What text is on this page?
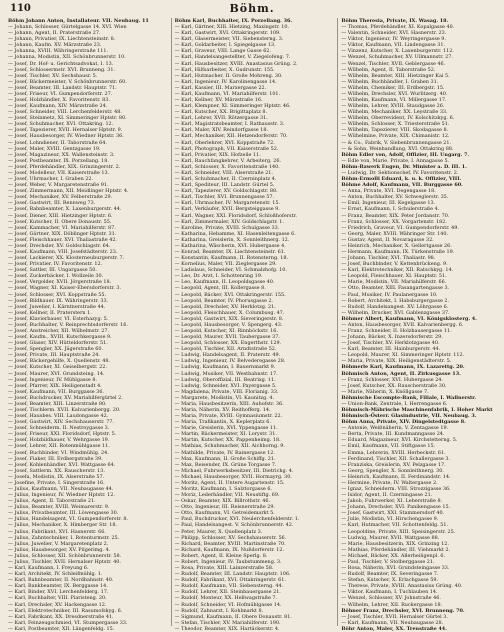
110	Böhm.
Böhm Johann Anton, Installateur. VII. Neubaug. 11
— Johann, Schlosser, Gürtelgasse 14. XVI. Wien
— Johann, Agent, II. Praterstraße 27.
— Johann, Privatier, IX. Liechtensteinstr. 8.
— Johann, Kaufm. XV. Märzstraße 23.
— Johanna, XVIII. Währingerstraße 111.
— Johanna, Modistin, XII. Schönbrunnerstr. 10.
— Josef, Dr. Hof- u. Gerichtsadvokat, I. 13.
— Josef, Schlossermstr. XVI. Brunneng. 31.
— Josef, Tischler, XV. Sechshausr. 5.
— Josef, Bäckermeister, V. Schönbrunnerstr. 60.
— Josef, Beamter, III. Landstr. Hauptstr. 71.
— Josef, Friseur, VI. Gumpendorferstr. 27.
— Josef, Holzhändler, X. Favoritenstr. 83.
— Josef, Kaufmann, XIV. Märzstraße 24.
— Josef, Schneider, VIII. Lerchenfelderstr. 48.
— Josef, Steinmetz, XI. Simmeringer Hptstr. 80.
— Josef, Schuhmacher, XVI. Ottakring. 12.
— Josef, Tapezierer, XVII. Hernalser Hptstr. 9.
— Josef, Hausbesorger, IV. Wiedner Hptstr. 36.
— Josef, Lohndiener, II. Taborstraße 64.
— Josef, Maler, XVIII. Gentzgasse 19.
— Josef, Magazineur, XX. Wallensteinstr. 3.
— Josef, Postbeamter, IX. Porzellang. 18.
— Josef, Pferdehändler, XIX. Grinzingerstr. 2.
— Josef, Modelleur, VII. Kaiserstraße 13.
— Josef, Uhrmacher, I. Graben 22.
— Josef, Weber, V. Margaretenstraße 91.
— Josef, Zimmermann, XII. Meidlinger Hptstr. 4.
— Josef, Mechaniker, XV. Felberstraße 29.
— Josef, Gastwirt, III. Rennweg 73.
— Josef, Bahnbeamter, X. Laxenburgerstr. 44.
— Josef, Diener, XIII. Hietzinger Hptstr. 6.
— Josef, Kutscher, II. Obere Donaustr. 55.
— Josef, Kammacher, VI. Mariahilferstr. 87.
— Josef, Gärtner, XIX. Döblinger Hptstr. 31.
— Josef, Fleischhauer, XVI. Thaliastraße 42.
— Josef, Drechsler, XV. Goldschlagstr. 64.
— Josef, Kaufmann, VIII. Josefstädterstr. 23.
— Josef, Lackierer, XX. Klosterneuburgerstr. 7.
— Josef, Privatier, IV. Favoritenstr. 12.
— Josef, Sattler, III. Ungargasse 50.
— Josef, Zuckerbäcker, I. Wollzeile 30.
— Josef, Vergolder, XVII. Jörgerstraße 18.
— Josef, Wagner, XI. Kaiser-Ebersdorferstr. 3.
— Josef, Schlosser, XVI. Koppstraße 55.
— Josef, Bildhauer, IX. Währingerstr. 33.
— Josef, Juwelier, I. Kärntnerstraße 44.
— Josef, Kellner, II. Praterstern 1.
— Josef, Klavierbauer, VI. Esterhazyg. 5.
— Josef, Buchhalter, V. Reinprechtsdorferstr. 16.
— Josef, Anstreicher, XII. Wilhelmstr. 27.
— Josef, Kaufm., XVIII. Kutschkergasse 9.
— Josef, Glaser, XIV. Hütteldorferstr. 51.
— Josef, Spengler, XX. Jägerstraße 60.
— Josef, Private, III. Hauptstraße 24.
— Josef, Bäckergehilfe, X. Quellenstr. 48.
— Josef, Kutscher, XI. Geiselbergstr. 22.
— Josef, Maurer, XVI. Grundsteing. 14.
— Josef, Ingenieur, IV. Mühlgasse 8.
— Josef, Pfarrer, XIX. Heiligenstadt 4.
— Josef, Kaufmann, VII. Burggasse 36.
— Josef, Buchdrucker, XV. Mariahilfergürtel 2.
— Josef, Beamter, XIII. Linzerstraße 80.
— Josef, Tischlerm. XVII. Kalvarienbergg. 20.
— Josef, Hausbes. VIII. Laudongasse 42.
— Josef, Gastwirt, XIV. Sechshauserstr. 77.
— Josef, Schneiderm. II. Nestroygasse 3.
— Josef, Friseur, XXI. Floridsdorf, Hptstr. 5.
— Josef, Holzbildhauer, V. Wehrgasse 19.
— Josef, Lehrer, XII. Rotenmühlgasse 11.
— Josef, Buchbinder, VI. Windmühlg. 24.
— Josef, Fiaker, III. Erdbergstraße 39.
— Josef, Kohlenhändler, XVI. Wattgasse 64.
— Josef, Sattlerm. XX. Rauscherstr. 13.
— Josefa, Modistin, IX. Alserstraße 57.
— Josefine, Private, I. Singerstraße 16.
— Julius, Kaufmann, VII. Neubaugasse 44.
— Julius, Ingenieur, IV. Wiedner Hptstr. 12.
— Julius, Agent, II. Taborstraße 21.
— Julius, Beamter, XVIII. Weimarerstr. 9.
— Julius, Privatbeamter, III. Löwengasse 30.
— Julius, Handelsagent, VI. Gumpendorferstr. 8.
— Julius, Mechaniker, X. Himberger Str. 18.
— Julius, Fabrikant, XVI. Hasnerstr. 66.
— Julius, Zahntechniker, I. Rotenturmstr. 25.
— Julius, Juwelier, V. Margaretenplatz 2.
— Julius, Hausbesorger, XV. Pilgerimg. 4.
— Julius, Schlosser, XII. Schönbrunnerstr. 58.
— Julius, Tischler, XVII. Hernalser Hptstr. 40.
— Karl, Kaufmann, I. Freyung 6.
— Karl, Architekt, IV. Schleifmühlg. 1.
— Karl, Bahnbeamter, II. Nordbahnstr. 40.
— Karl, Bankbeamter, IX. Berggasse 14.
— Karl, Binder, XVI. Lerchenfelderg. 17.
— Karl, Buchhalter, VIII. Piaristeng. 20.
— Karl, Drechsler, XV. Hackengasse 12.
— Karl, Elektrotechniker, III. Rasumofskyg. 6.
— Karl, Fabrikant, XX. Dresdnerstraße 41.
— Karl, Feinzeugschmied, VI. Stumpergasse 33.
— Karl, Postbeamter, XII. Längenfeldg. 15.
Böhm Karl, Buchhalter, IX. Porzellang. 36.
— Karl, Gärtner, XIII. Hietzing, Maxingstr. 10.
— Karl, Gastwirt, XVI. Ottakringerstr. 109.
— Karl, Glasermeister, VII. Siebensterng. 3.
— Karl, Goldarbeiter, I. Spiegelgasse 13.
— Karl, Graveur, VIII. Lange Gasse 62.
— Karl, Handelsangestellter, V. Ziegelofeng. 7.
— Karl, Hausbesitzer, XVIII. Anastasius Grüng. 2.
— Karl, Hilfsarbeiter, X. Gudrunstr. 155.
— Karl, Hutmacher, II. Große Mohreng. 30.
— Karl, Ingenieur, IV. Karolinengasse 14.
— Karl, Kassier, III. Marxergasse 22.
— Karl, Kaufmann, VI. Mariahilferstr. 101.
— Karl, Kellner, XV. Märzstraße 16.
— Karl, Klempner, XI. Simmeringer Hptstr. 46.
— Karl, Kutscher, XX. Brigittaplatz 8.
— Karl, Lehrer, XVII. Rötzergasse 31.
— Karl, Magistratsbeamter, I. Rathausstr. 3.
— Karl, Maler, XIV. Reindorfgasse 18.
— Karl, Mechaniker, XII. Hetzendorferstr. 70.
— Karl, Oberlehrer, XVI. Koppstraße 72.
— Karl, Photograph, VII. Kaiserstraße 52.
— Karl, Privatier, XIX. Hofzeile 11.
— Karl, Rauchfangkehrer, V. Arbeiterg. 26.
— Karl, Schlosser, X. Favoritenstraße 140.
— Karl, Schneider, VIII. Alserstraße 21.
— Karl, Schuhmacher, II. Czerninplatz 4.
— Karl, Spediteur, III. Landstr. Gürtel 5.
— Karl, Tapezierer, XV. Goldschlagstr. 88.
— Karl, Tischler, XVI. Brunnengasse 57.
— Karl, Uhrmacher, IV. Margaretenstr. 15.
— Karl, Verkäufer, XVII. Bergsteiggasse 9.
— Karl, Wagner, XXI. Floridsdorf, Schloßhoferstr.
— Karl, Zimmermaler, XIV. Goldschlagstr. 1.
— Karoline, Private, XVIII. Schulgasse 33.
— Katharina, Hebamme, XI. Hasenleitengasse 6.
— Katharina, Greislerin, X. Sonnleithnerg. 12.
— Katharina, Wäscherin, XVI. Hubergasse 4.
— Konrad, Beamter, IX. Liechtensteinstr. 61.
— Konstantin, Kaufmann, II. Rotensterng. 18.
— Kornelius, Maler, VII. Zieglergasse 29.
— Ladislaus, Schneider, VI. Schmalzhofg. 10.
— Leo, Dr. Arzt, I. Schottenring 19.
— Leo, Kaufmann, II. Leopoldsgasse 40.
— Leopold, Agent, III. Kollergasse 8.
— Leopold, Bäcker, XVI. Ottakringerstr. 155.
— Leopold, Beamter, IV. Phorusgasse 2.
— Leopold, Drechsler, XV. Herklotzg. 21.
— Leopold, Fleischhauer, X. Columbusg. 47.
— Leopold, Gastwirt, XIX. Sieveringerstr. 8.
— Leopold, Hausbesorger, V. Spengerg. 43.
— Leopold, Kutscher, XI. Rinnböckstr. 16.
— Leopold, Maurer, XVII. Taubergasse 37.
— Leopold, Schlosser, XX. Engerthstr. 129.
— Leopold, Tischler, XII. Arndtstraße 52.
— Ludwig, Handelsagent, II. Praterstr. 49.
— Ludwig, Ingenieur, IV. Belvederegasse 28.
— Ludwig, Kaufmann, I. Bauernmarkt 9.
— Ludwig, Musiker, VII. Westbahnstr. 17.
— Ludwig, Oberoffizial, III. Beatrixg. 11.
— Ludwig, Schneider, XVI. Payergasse 5.
— Magdalena, Private, VIII. Florianig. 33.
— Margarete, Modistin, VI. Kaunitzg. 4.
— Maria, Hausbesitzerin, XIII. Auhofstr. 36.
— Maria, Näherin, XV. Reithofferg. 14.
— Maria, Private, XVIII. Gymnasiumstr. 22.
— Maria, Trafikantin, X. Keplerplatz 6.
— Marie, Greislerin, XVI. Yppengasse 11.
— Martin, Bäckermeister, XI. Lorystr. 31.
— Martin, Kutscher, XX. Pappenheimg. 18.
— Mathias, Schuhmacher, XII. Aichhorng. 9.
— Mathilde, Private, IV. Rainergasse 12.
— Max, Kaufmann, II. Große Schiffg. 21.
— Max, Reisender, IX. Grüne Torgasse 7.
— Michael, Fuhrwerksbesitzer, III. Dietrichg. 4.
— Michael, Hausbesorger, XVII. Hormayrg. 30.
— Moritz, Agent, II. Untere Augartenstr. 15.
— Moritz, Kaufmann, I. Salztorgasse 6.
— Moriz, Lederhändler, VII. Neustiftg. 69.
— Oskar, Beamter, XIX. Billrothstr. 46.
— Otto, Ingenieur, III. Reisnerstraße 29.
— Otto, Kaufmann, VI. Getreidemarkt 5.
— Paul, Buchdrucker, XVI. Neulerchenfelderstr. 1.
— Paul, Handelsangest. V. Schönbrunnerstr. 42.
— Peter, Maurer, X. Quellenplatz 3.
— Philipp, Schlosser, XV. Sechshauserstr. 56.
— Richard, Beamter, XVIII. Martinstraße 70.
— Richard, Kaufmann, IX. Nußdorferstr. 12.
— Robert, Agent, II. Kleine Sperlg. 8.
— Robert, Ingenieur, IV. Taubstummeng. 3.
— Rosa, Private, XIII. Lainzerstraße 58.
— Rudolf, Beamter, III. Landstr. Hauptstr. 106.
— Rudolf, Fabrikant, XVI. Ottakringerstr. 61.
— Rudolf, Kaufmann, VII. Siebensterng. 44.
— Rudolf, Lehrer, XII. Steinbauergasse 21.
— Rudolf, Monteur, XX. Hellwagstraße 7.
— Rudolf, Schneider, VI. Hofmühlgasse 14.
— Rudolf, Zahnarzt, I. Kohlmarkt 8.
— Sigmund, Kaufmann, II. Obere Donaustr. 81.
— Stefan, Tischler, XV. Mariahilferstr. 190.
— Theodor, Beamter, XIX. Hartäckerstr. 4.
Böhm Theresia, Private, IX. Wasag. 18.
— Thomas, Pferdehändler, XI. Kopalgasse 40.
— Valentin, Schneider, XVI. Hasnerstr. 23.
— Viktor, Ingenieur, IV. Weyringergasse 9.
— Viktor, Kaufmann, VII. Lindengasse 31.
— Vinzenz, Kutscher, X. Laxenburgerstr. 112.
— Wenzel, Schuhmacher, XV. Ullmannstr. 27.
— Wenzel, Tischler, XVII. Geblergasse 46.
— Wilhelm, Agent, II. Taborstraße 52.
— Wilhelm, Beamter, XIII. Hietzinger Kai 5.
— Wilhelm, Buchhändler, I. Graben 31.
— Wilhelm, Chemiker, III. Erdbergstr. 15.
— Wilhelm, Drechsler, XVI. Wurlitzerg. 40.
— Wilhelm, Kaufmann, VI. Millergasse 17.
— Wilhelm, Lehrer, XVIII. Staudgasse 26.
— Wilhelm, Mechaniker, XX. Leystraße 33.
— Wilhelm, Oberrevident, IV. Kolschitzkyg. 6.
— Wilhelm, Schlosser, X. Triesterstraße 51.
— Wilhelm, Tapezierer, VIII. Skodagasse 8.
— Wilhelmine, Private, XIX. Chimanistr. 12.
— & Co., Fabrik, V. Siebenbrunnengasse 21.
— & Sohn, Weinhandlung, XVI. Ottakring 88.
Böhm Edler von, Adolf, Offizier, III. Ungarg. 7.
— Edle von, Marie, Private, I. Annagasse 5.
Böhm-Bawerk Eugen, Dr. Minister a. D. III. 1.
— Ludwig, Dr. Sektionschef, IV. Favoritenstr. 2.
Böhm-Ermolli Eduard, k. u. k. Offizier, VIII.
Böhme Adolf, Kaufmann, VII. Burggasse 60.
— Anna, Private, XVI. Degengasse 18.
— Anton, Buchhalter, XV. Schweglerstr. 35.
— Emil, Ingenieur, III. Kegelgasse 13.
— Ernst, Kaufmann, I. Schulerstraße 4.
— Franz, Beamter, XIX. Peter Jordanstr. 70.
— Franz, Schlosser, XX. Vorgartenstr. 182.
— Friedrich, Graveur, VI. Gumpendorferstr. 49.
— Georg, Maler, XVIII. Währinger Str. 140.
— Gustav, Agent, II. Novaragasse 32.
— Heinrich, Mechaniker, X. Gellertgasse 26.
— Hermann, Kaufmann, IX. Türkenstraße 19.
— Johann, Tischler, XVI. Thaliastr. 98.
— Josef, Buchbinder, V. Kettenbrückeng. 9.
— Karl, Elektrotechniker, XII. Ratschkyg. 14.
— Leopold, Fleischhauer, XI. Hauptstr. 51.
— Marie, Modistin, VII. Mariahilferstr. 66.
— Otto, Beamter, XIII. Fasangartengasse 3.
— Paul, Musiker, IV. Paulanergasse 10.
— Robert, Architekt, I. Habsburgergasse 2.
— Rudolf, Handelsangest. XV. Löhrgasse 6.
— Wilhelm, Drucker, XVI. Gablenzgasse 37.
Böhmer Albert, Kaufmann, VI. Königsklosterg. 4.
— Anton, Hausbesorger, XVII. Kalvarienbergg. 6.
— Franz, Schneider, II. Holzhausergasse 11.
— Johann, Bäcker, X. Inzersdorferstr. 29.
— Josef, Tischler, XV. Herklotzgasse 40.
— Karl, Beamter, III. Hainburgerstr. 44.
— Leopold, Maurer, XI. Simmeringer Hptstr. 112.
— Maria, Private, XIX. Heiligenstädterstr. 5.
Böhmerle Karl, Kaufmann, IX. Lazarettg. 20.
Böhmisch Anton, Agent, II. Zirkusgasse 13.
— Franz, Schlosser, XVI. Hubergasse 24.
— Josef, Kutscher, XX. Rauscherstraße 30.
— Marie, Näherin, X. Knöllgasse 7.
Böhmische Escompte-Bank, Filiale, I. Wallnerstr.
— Union-Bank, Zentrale, I. Herrengasse 6.
Böhmisch-Mährische Maschinenfabrik, I. Hoher Markt
Böhmisch-Österr. Glasindustrie, VII. Neubaug. 3.
Böhm Anna, Private, XIV. Dingelstedtgasse 8.
— Antonie, Weißnäherin, V. Zentagasse 19.
— Berta, Private, III. Kundmanngasse 24.
— Eduard, Magazineur, XVI. Kirchstetterng. 5.
— Emil, Kaufmann, VII. Stiftgasse 15.
— Emma, Lehrerin, XVIII. Herbeckstr. 61.
— Ferdinand, Tischler, XII. Schallergasse 3.
— Franziska, Greislerin, XV. Pelzgasse 17.
— Georg, Spengler, X. Sonnleithnerg. 30.
— Heinrich, Kaufmann, II. Ferdinandstr. 14.
— Hermine, Private, IV. Waltergasse 2.
— Ignaz, Schneiderm. VIII. Strozzigasse 36.
— Isidor, Agent, II. Czerningasse 21.
— Jakob, Fuhrwerker, XI. Leberstraße 8.
— Johann, Drechsler, XVI. Panikengasse 15.
— Josef, Gastwirt, XXI. Stammersdorf 40.
— Julie, Modistin, VI. Hirschengasse 9.
— Karl, Hutmacher, VII. Schottenfeldg. 51.
— Leopoldine, Private, XIII. Speisingerstr. 25.
— Ludwig, Maurer, XVII. Wattgasse 88.
— Marie, Hausbesitzerin, XIX. Grinzing 12.
— Mathias, Pferdehändler, III. Viehmarkt 2.
— Michael, Bäcker, XX. Allerheiligenpl. 6.
— Paul, Tischler, V. Stolberggasse 21.
— Rosa, Näherin, XVI. Grundsteingasse 33.
— Rudolf, Beamter, IX. Severingasse 7.
— Stefan, Kutscher, X. Erlachgasse 59.
— Therese, Private, XVIII. Anastasius Grüng. 40.
— Viktor, Kaufmann, I. Tuchlauben 14.
— Wenzel, Schlosser, XV. Johnstraße 46.
— Wilhelm, Lehrer, XII. Ruckergasse 18.
Böhner Franz, Drechsler, XVI. Brunneng. 70.
— Josef, Tischler, XVII. Hernalser Gürtel 3.
— Karl, Kaufmann, VII. Neubaugasse 28.
Böhr Anton, Maler, XX. Treustraße 44.
